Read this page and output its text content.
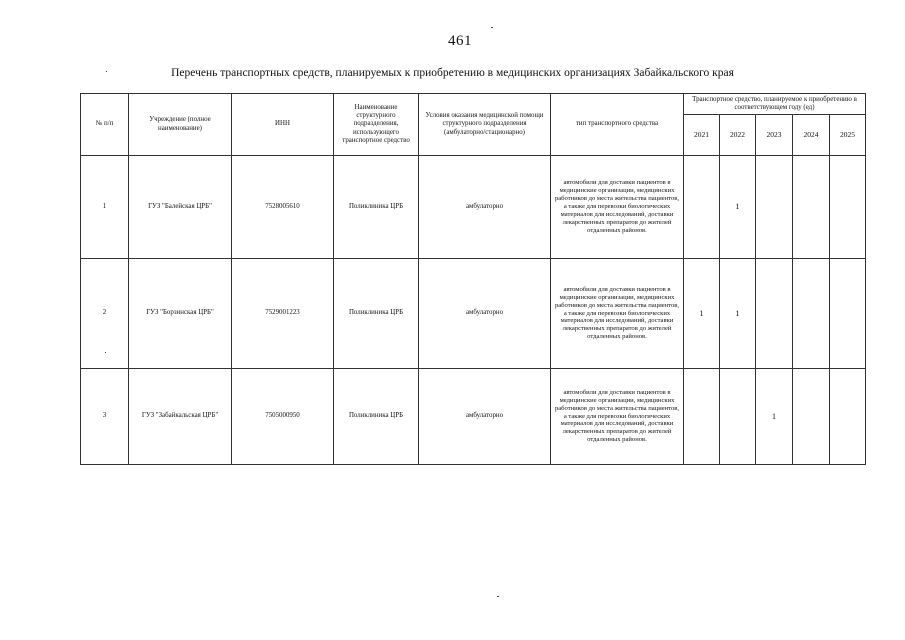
461
Перечень транспортных средств, планируемых к приобретению в медицинских организациях Забайкальского края
№ п/п	Учреждение (полное наименование)	ИНН	Наименование структурного подразделения, использующего транспортное средство	Условия оказания медицинской помощи структурного подразделения (амбулаторно/стационарно)	тип транспортного средства	Транспортное средство, планируемое к приобретению в соответствующем году (ед)				
						2021	2022	2023	2024	2025
1	ГУЗ "Балейская ЦРБ"	7528005610	Поликлиника ЦРБ	амбулаторно	автомобили для доставки пациентов в медицинские организации, медицинских работников до места жительства пациентов, а также для перевозки биологических материалов для исследований, доставки лекарственных препаратов до жителей отдаленных районов.		1			
2	ГУЗ "Борзинская ЦРБ"	7529001223	Поликлиника ЦРБ	амбулаторно	автомобили для доставки пациентов в медицинские организации, медицинских работников до места жительства пациентов, а также для перевозки биологических материалов для исследований, доставки лекарственных препаратов до жителей отдаленных районов.	1	1			
3	ГУЗ "Забайкальская ЦРБ"	7505000950	Поликлиника ЦРБ	амбулаторно	автомобили для доставки пациентов в медицинские организации, медицинских работников до места жительства пациентов, а также для перевозки биологических материалов для исследований, доставки лекарственных препаратов до жителей отдаленных районов.			1		
